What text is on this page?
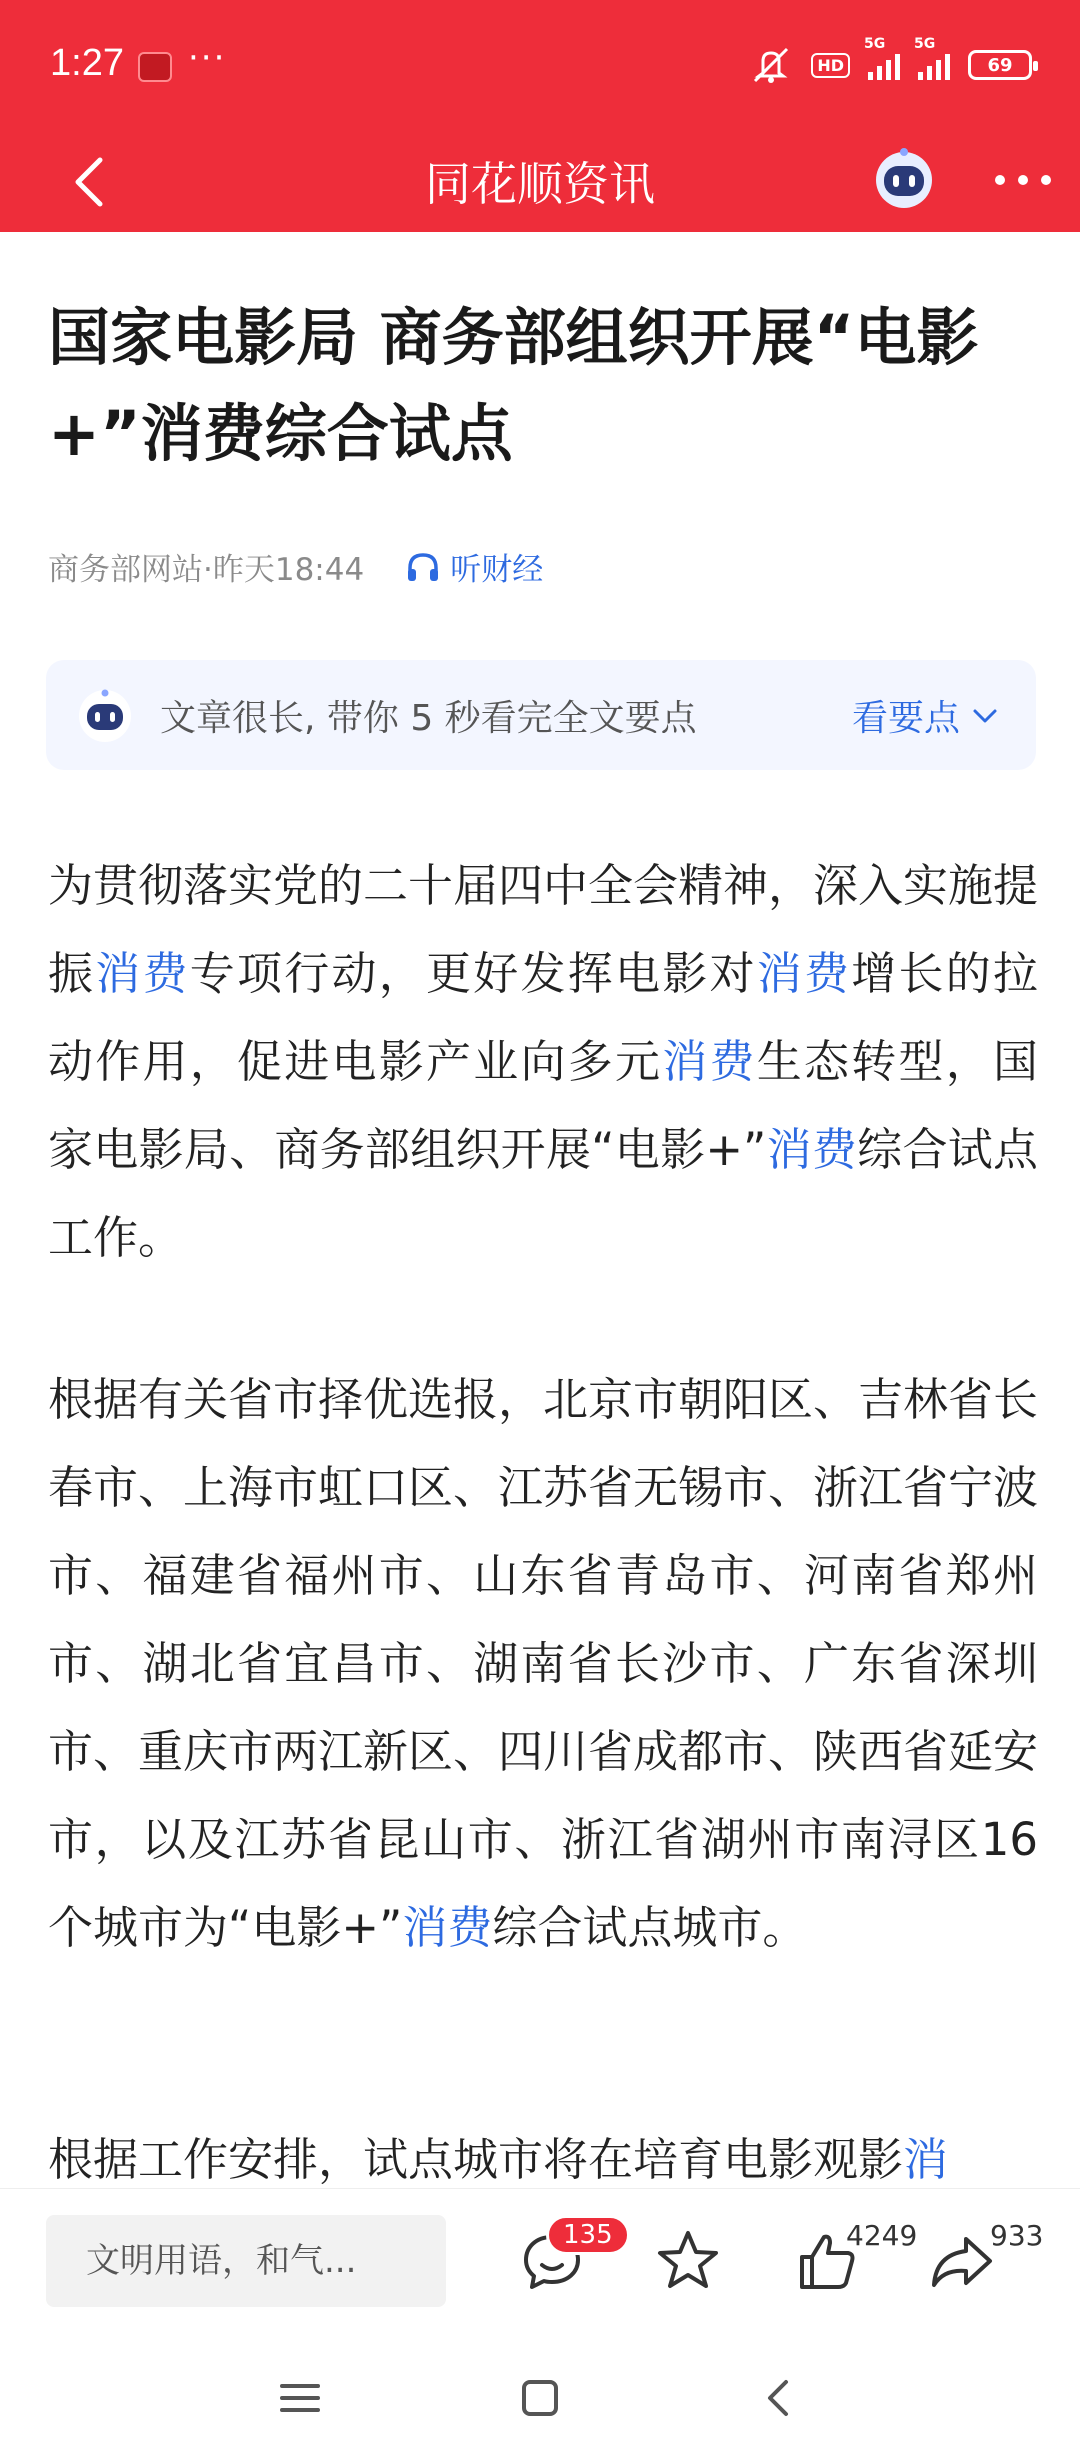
1:27 ···	HD
5G 5G
69
同花顺资讯
国家电影局 商务部组织开展“电影+”消费综合试点
商务部网站·昨天18:44	听财经
文章很长, 带你 5 秒看完全文要点	看要点
为贯彻落实党的二十届四中全会精神，深入实施提振消费专项行动，更好发挥电影对消费增长的拉动作用，促进电影产业向多元消费生态转型，国家电影局、商务部组织开展“电影+”消费综合试点工作。
根据有关省市择优选报，北京市朝阳区、吉林省长春市、上海市虹口区、江苏省无锡市、浙江省宁波市、福建省福州市、山东省青岛市、河南省郑州市、湖北省宜昌市、湖南省长沙市、广东省深圳市、重庆市两江新区、四川省成都市、陕西省延安市，以及江苏省昆山市、浙江省湖州市南浔区16个城市为“电影+”消费综合试点城市。
根据工作安排，试点城市将在培育电影观影消
文明用语，和气...
135	4249	933
